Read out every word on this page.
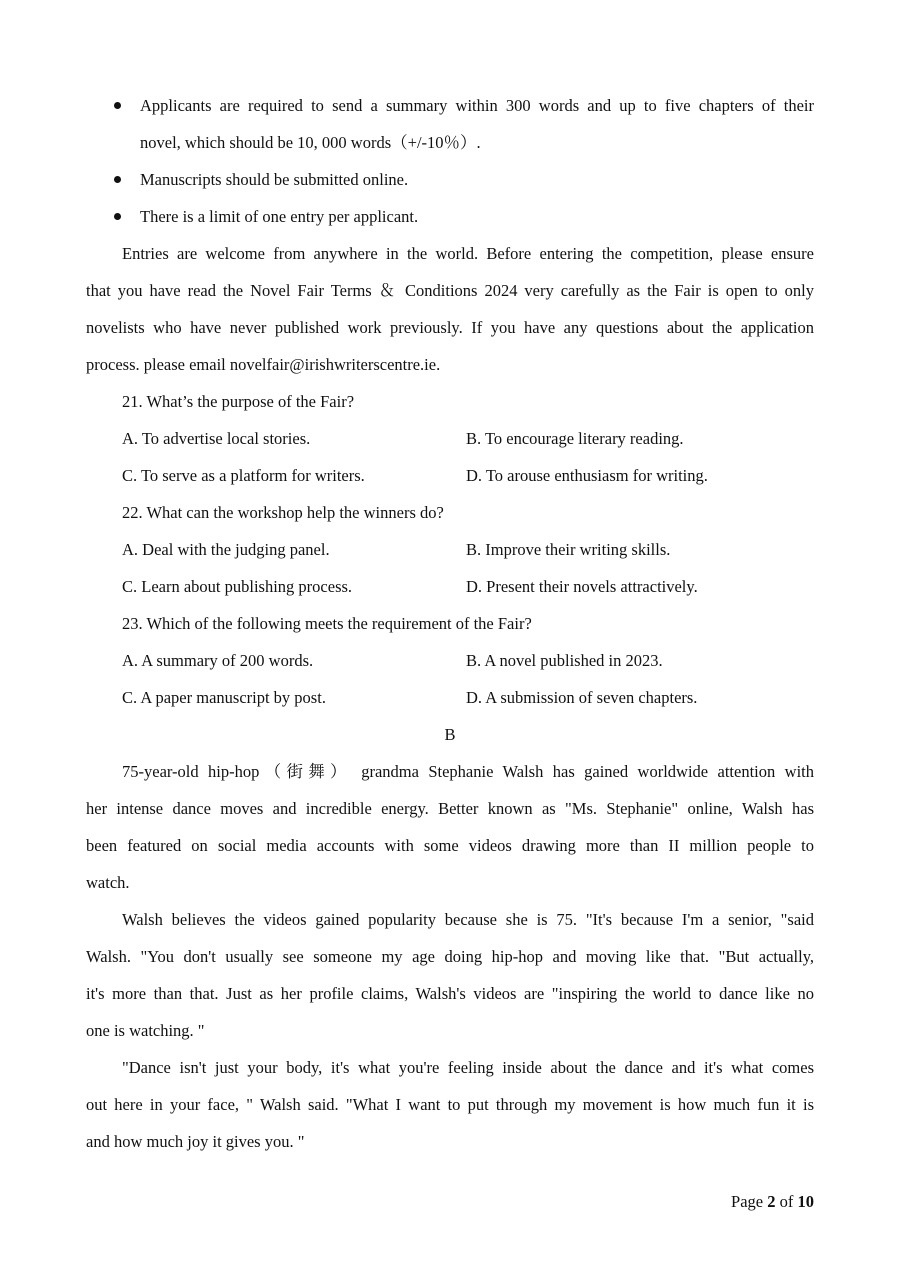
Applicants are required to send a summary within 300 words and up to five chapters of their
novel, which should be 10, 000 words（+/-10％）.
Manuscripts should be submitted online.
There is a limit of one entry per applicant.
Entries are welcome from anywhere in the world. Before entering the competition, please ensure
that you have read the Novel Fair Terms ＆ Conditions 2024 very carefully as the Fair is open to only
novelists who have never published work previously. If you have any questions about the application
process. please email novelfair@irishwriterscentre.ie.
21. What’s the purpose of the Fair?
A. To advertise local stories.	B. To encourage literary reading.
C. To serve as a platform for writers.	D. To arouse enthusiasm for writing.
22. What can the workshop help the winners do?
A. Deal with the judging panel.	B. Improve their writing skills.
C. Learn about publishing process.	D. Present their novels attractively.
23. Which of the following meets the requirement of the Fair?
A. A summary of 200 words.	B. A novel published in 2023.
C. A paper manuscript by post.	D. A submission of seven chapters.
B
75-year-old hip-hop（街舞） grandma Stephanie Walsh has gained worldwide attention with
her intense dance moves and incredible energy. Better known as "Ms. Stephanie" online, Walsh has
been featured on social media accounts with some videos drawing more than II million people to
watch.
Walsh believes the videos gained popularity because she is 75. "It's because I'm a senior, "said
Walsh. "You don't usually see someone my age doing hip-hop and moving like that. "But actually,
it's more than that. Just as her profile claims, Walsh's videos are "inspiring the world to dance like no
one is watching. "
"Dance isn't just your body, it's what you're feeling inside about the dance and it's what comes
out here in your face, " Walsh said. "What I want to put through my movement is how much fun it is
and how much joy it gives you. "
Page 2 of 10
